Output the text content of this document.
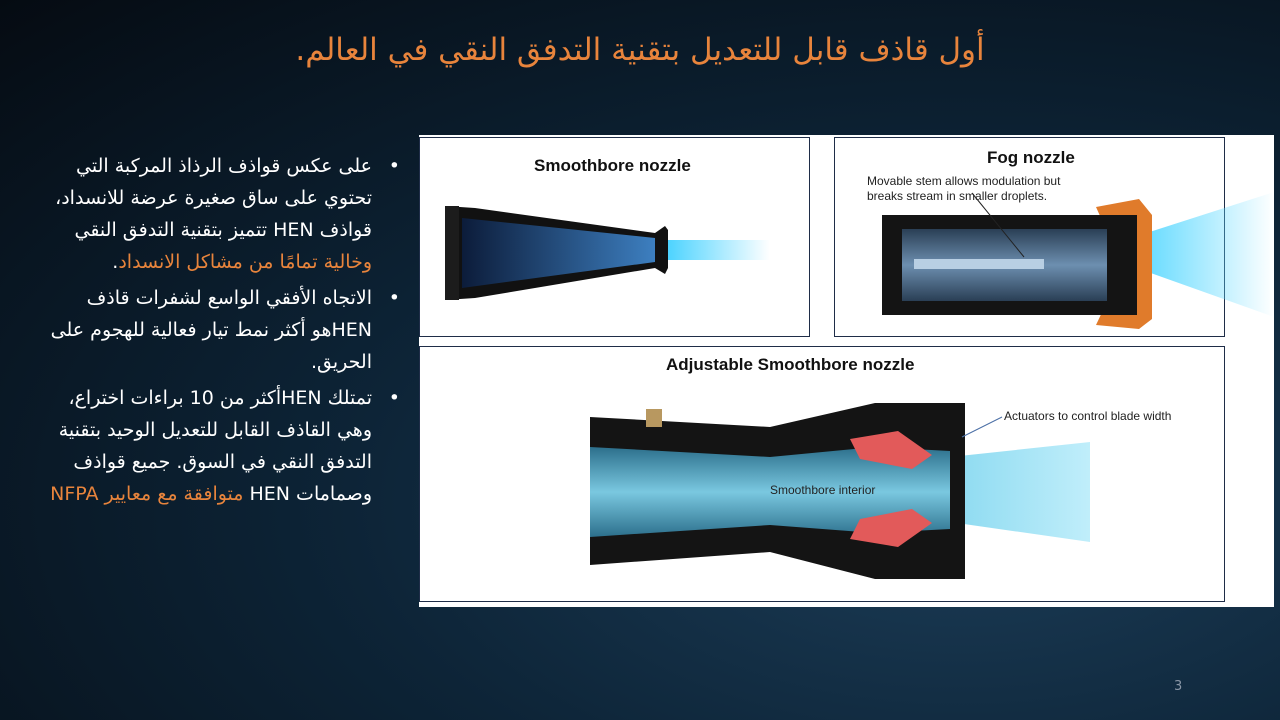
أول قاذف قابل للتعديل بتقنية التدفق النقي في العالم.
•
على عكس قواذف الرذاذ المركبة التي تحتوي على ساق صغيرة عرضة للانسداد، قواذف HEN تتميز بتقنية التدفق النقي وخالية تمامًا من مشاكل الانسداد.
•
الاتجاه الأفقي الواسع لشفرات قاذف HENهو أكثر نمط تيار فعالية للهجوم على الحريق.
•
تمتلك HENأكثر من 10 براءات اختراع، وهي القاذف القابل للتعديل الوحيد بتقنية التدفق النقي في السوق. جميع قواذف وصمامات HEN متوافقة مع معايير NFPA
Smoothbore nozzle	Fog nozzle
Movable stem allows modulation but
breaks stream in smaller droplets.
Adjustable Smoothbore nozzle
Actuators to control blade width
Smoothbore interior
3
